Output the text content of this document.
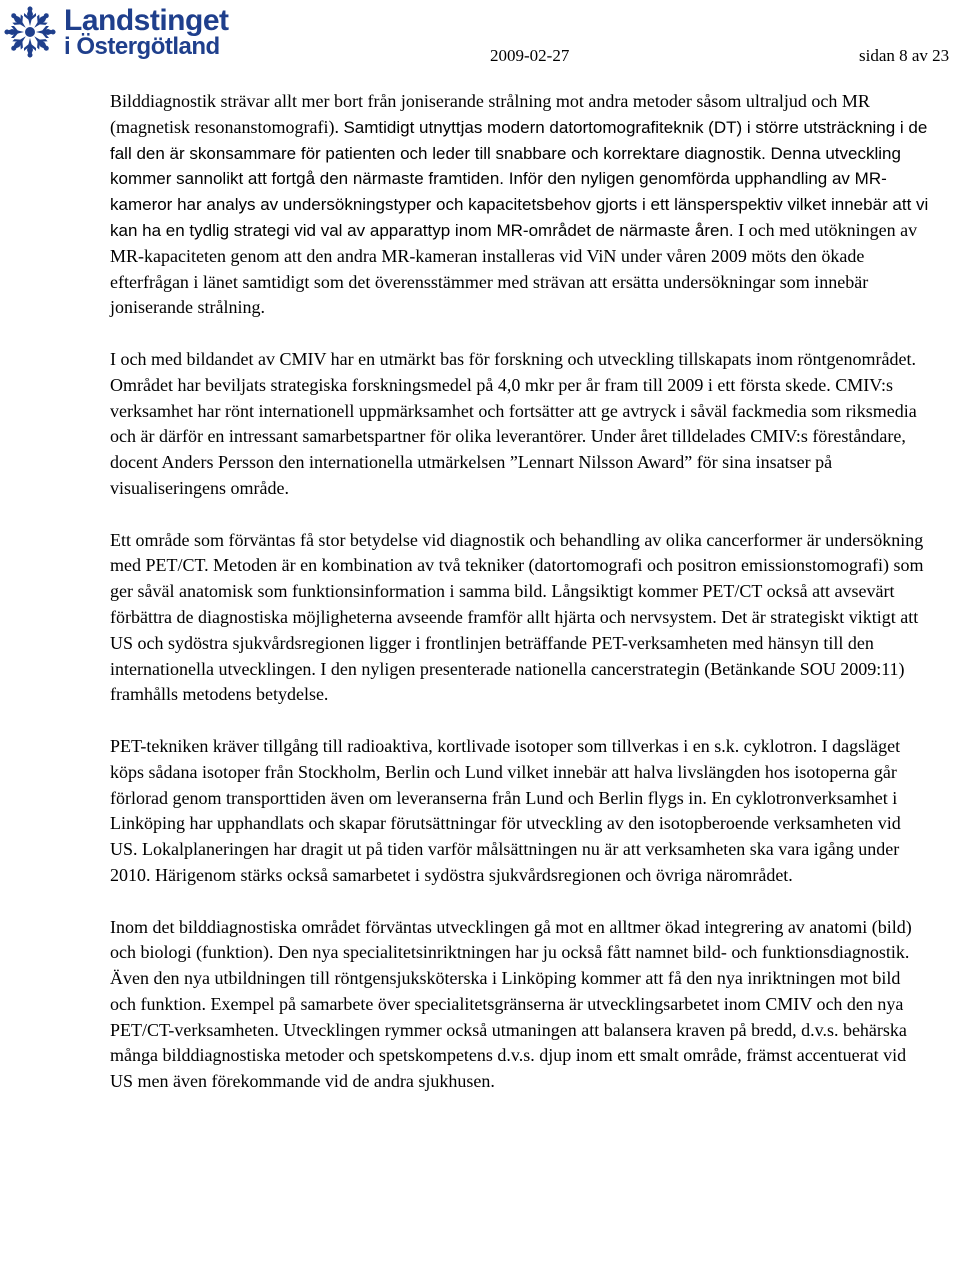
Landstinget
i Östergötland	2009-02-27	sidan 8 av 23

Bilddiagnostik strävar allt mer bort från joniserande strålning mot andra metoder såsom ultraljud och MR (magnetisk resonanstomografi). Samtidigt utnyttjas modern datortomografiteknik (DT) i större utsträckning i de fall den är skonsammare för patienten och leder till snabbare och korrektare diagnostik. Denna utveckling kommer sannolikt att fortgå den närmaste framtiden. Inför den nyligen genomförda upphandling av MR-kameror har analys av undersökningstyper och kapacitetsbehov gjorts i ett länsperspektiv vilket innebär att vi kan ha en tydlig strategi vid val av apparattyp inom MR-området de närmaste åren. I och med utökningen av MR-kapaciteten genom att den andra MR-kameran installeras vid ViN under våren 2009 möts den ökade efterfrågan i länet samtidigt som det överensstämmer med strävan att ersätta undersökningar som innebär joniserande strålning.

I och med bildandet av CMIV har en utmärkt bas för forskning och utveckling tillskapats inom röntgenområdet. Området har beviljats strategiska forskningsmedel på 4,0 mkr per år fram till 2009 i ett första skede. CMIV:s verksamhet har rönt internationell uppmärksamhet och fortsätter att ge avtryck i såväl fackmedia som riksmedia och är därför en intressant samarbetspartner för olika leverantörer. Under året tilldelades CMIV:s föreståndare, docent Anders Persson den internationella utmärkelsen ”Lennart Nilsson Award” för sina insatser på visualiseringens område.

Ett område som förväntas få stor betydelse vid diagnostik och behandling av olika cancerformer är undersökning med PET/CT. Metoden är en kombination av två tekniker (datortomografi och positron emissionstomografi) som ger såväl anatomisk som funktionsinformation i samma bild. Långsiktigt kommer PET/CT också att avsevärt förbättra de diagnostiska möjligheterna avseende framför allt hjärta och nervsystem. Det är strategiskt viktigt att US och sydöstra sjukvårdsregionen ligger i frontlinjen beträffande PET-verksamheten med hänsyn till den internationella utvecklingen. I den nyligen presenterade nationella cancerstrategin (Betänkande SOU 2009:11) framhålls metodens betydelse.

PET-tekniken kräver tillgång till radioaktiva, kortlivade isotoper som tillverkas i en s.k. cyklotron. I dagsläget köps sådana isotoper från Stockholm, Berlin och Lund vilket innebär att halva livslängden hos isotoperna går förlorad genom transporttiden även om leveranserna från Lund och Berlin flygs in. En cyklotronverksamhet i Linköping har upphandlats och skapar förutsättningar för utveckling av den isotopberoende verksamheten vid US. Lokalplaneringen har dragit ut på tiden varför målsättningen nu är att verksamheten ska vara igång under 2010. Härigenom stärks också samarbetet i sydöstra sjukvårdsregionen och övriga närområdet.

Inom det bilddiagnostiska området förväntas utvecklingen gå mot en alltmer ökad integrering av anatomi (bild) och biologi (funktion). Den nya specialitetsinriktningen har ju också fått namnet bild- och funktionsdiagnostik. Även den nya utbildningen till röntgensjuksköterska i Linköping kommer att få den nya inriktningen mot bild och funktion. Exempel på samarbete över specialitetsgränserna är utvecklingsarbetet inom CMIV och den nya PET/CT-verksamheten. Utvecklingen rymmer också utmaningen att balansera kraven på bredd, d.v.s. behärska många bilddiagnostiska metoder och spetskompetens d.v.s. djup inom ett smalt område, främst accentuerat vid US men även förekommande vid de andra sjukhusen.
